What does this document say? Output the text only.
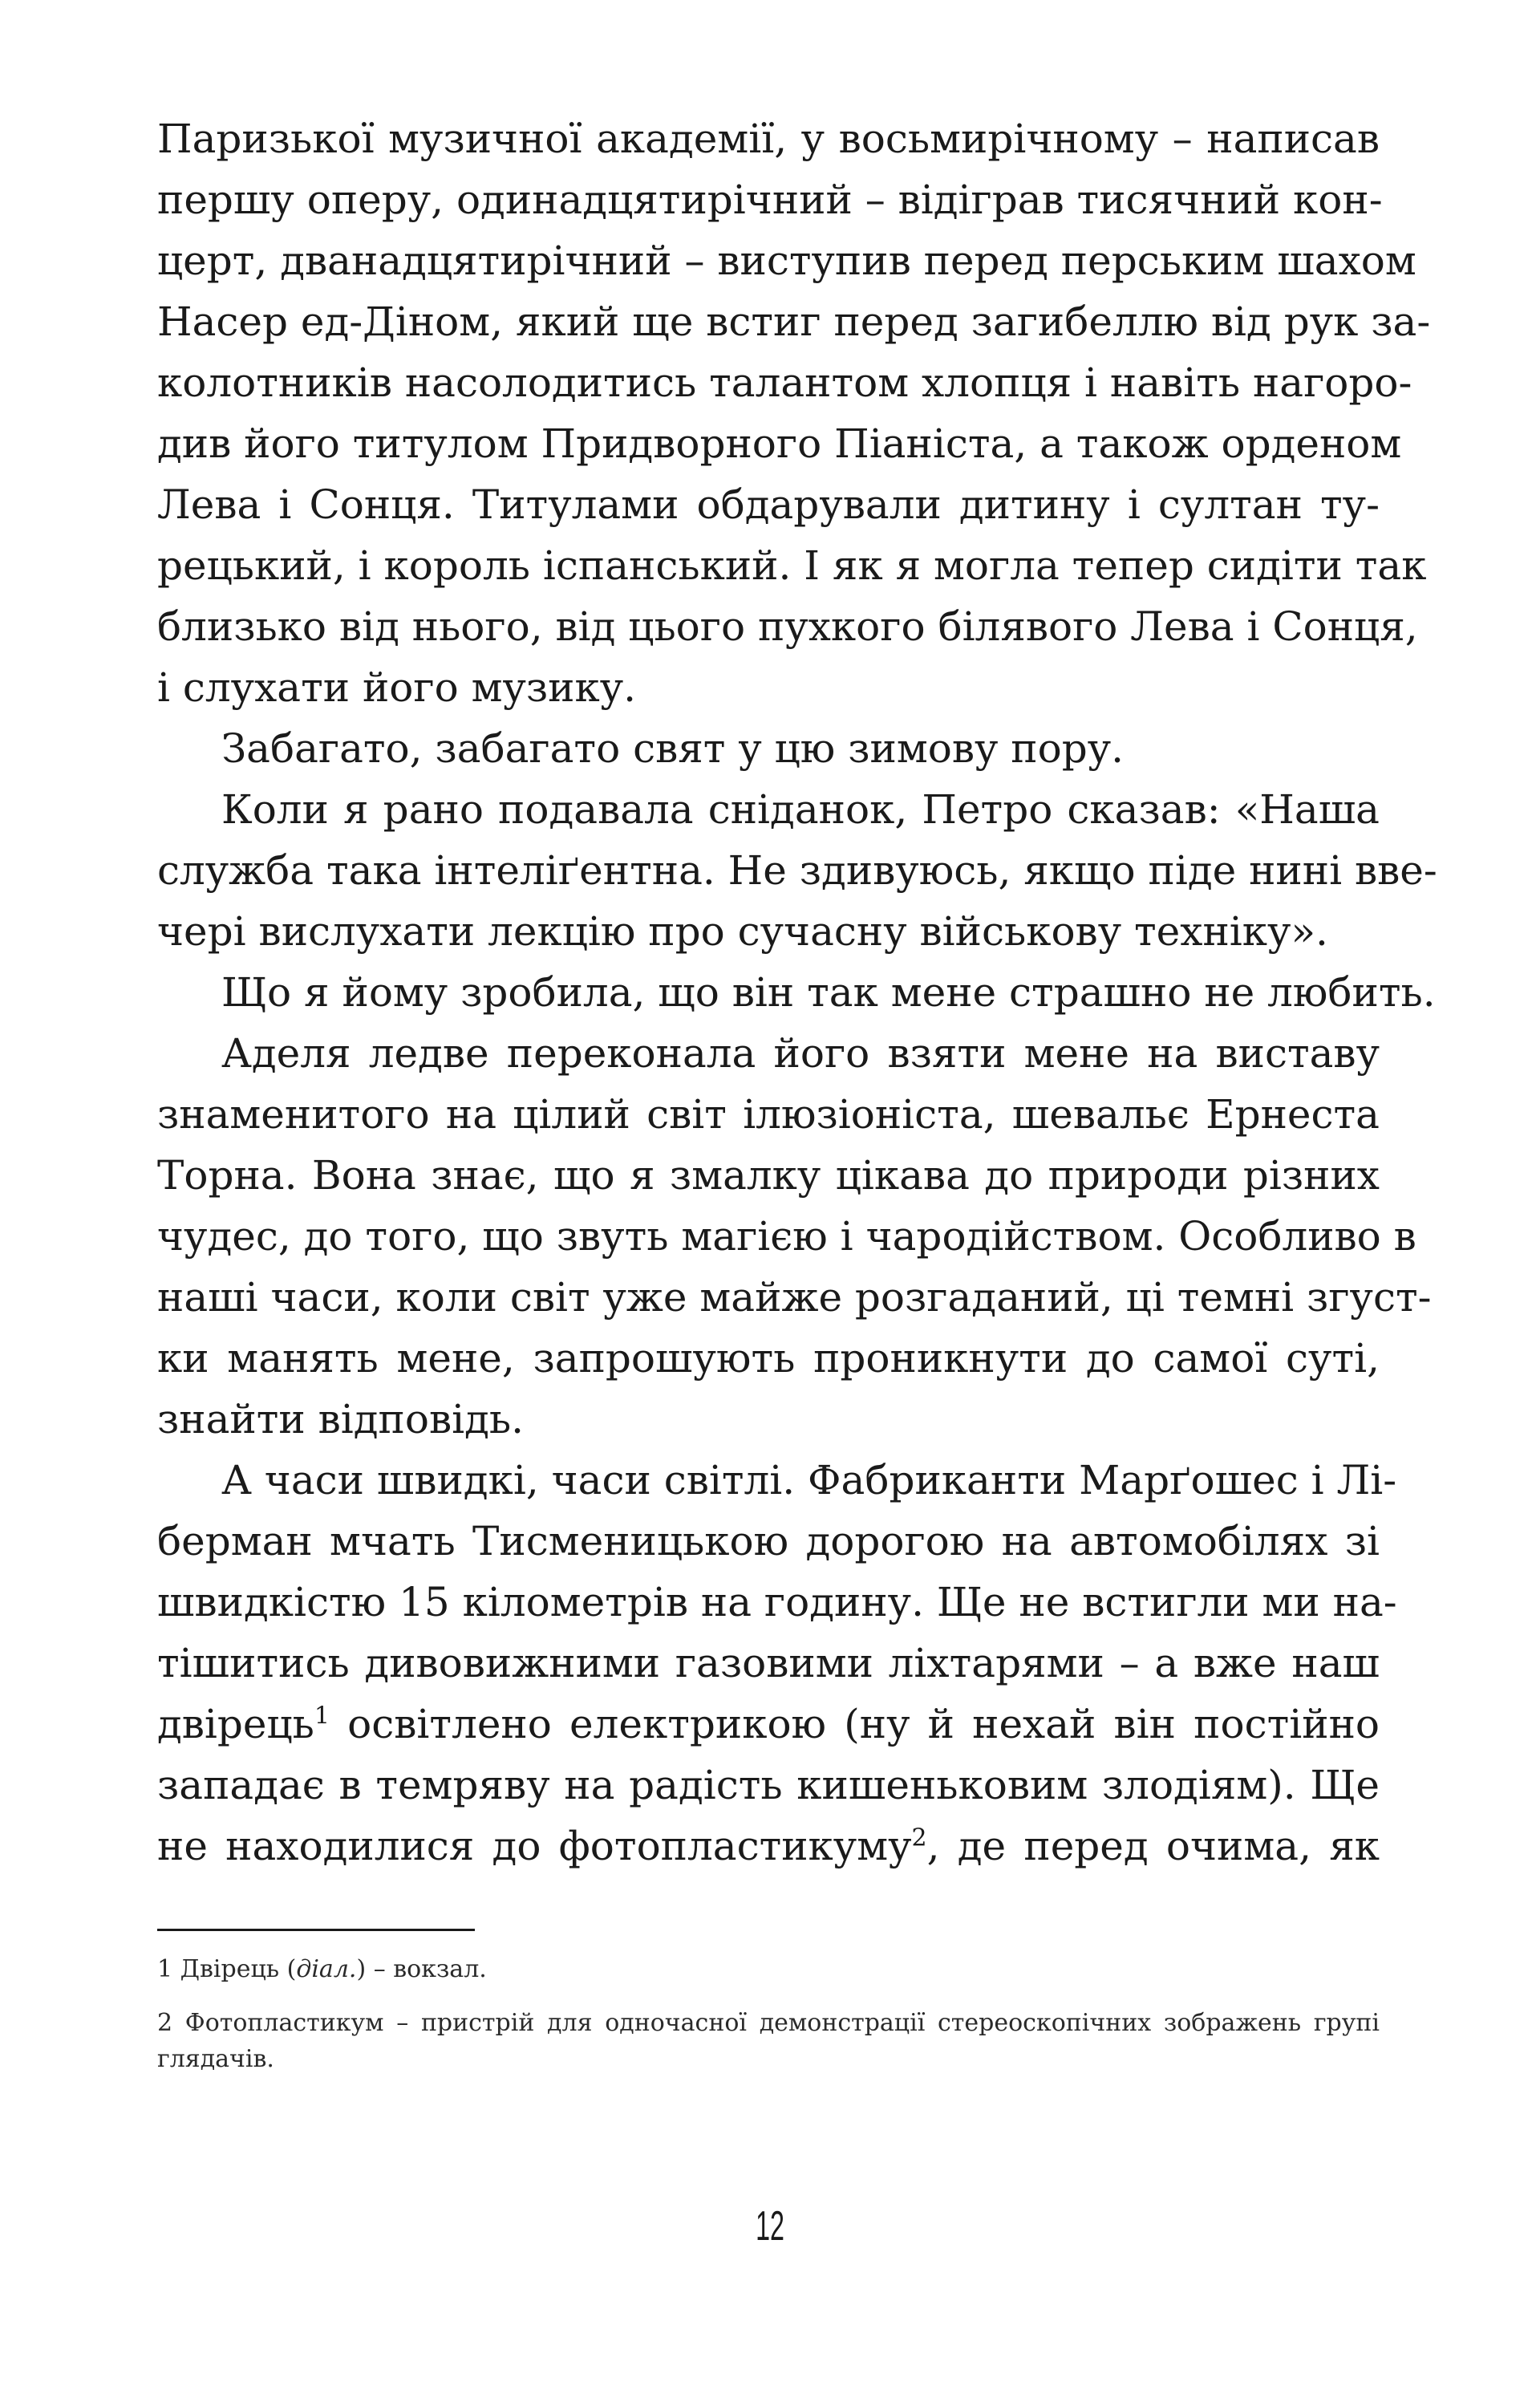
Паризької музичної академії, у восьмирічному – написав
першу оперу, одинадцятирічний – відіграв тисячний кон-
церт, дванадцятирічний – виступив перед перським шахом
Насер ед-Діном, який ще встиг перед загибеллю від рук за-
колотників насолодитись талантом хлопця і навіть нагоро-
див його титулом Придворного Піаніста, а також орденом
Лева і Сонця. Титулами обдарували дитину і султан ту-
рецький, і король іспанський. І як я могла тепер сидіти так
близько від нього, від цього пухкого білявого Лева і Сонця,
і слухати його музику.
Забагато, забагато свят у цю зимову пору.
Коли я рано подавала сніданок, Петро сказав: «Наша
служба така інтеліґентна. Не здивуюсь, якщо піде нині вве-
чері вислухати лекцію про сучасну військову техніку».
Що я йому зробила, що він так мене страшно не любить.
Аделя ледве переконала його взяти мене на виставу
знаменитого на цілий світ ілюзіоніста, шевальє Ернеста
Торна. Вона знає, що я змалку цікава до природи різних
чудес, до того, що звуть магією і чародійством. Особливо в
наші часи, коли світ уже майже розгаданий, ці темні згуст-
ки манять мене, запрошують проникнути до самої суті,
знайти відповідь.
А часи швидкі, часи світлі. Фабриканти Марґошес і Лі-
берман мчать Тисменицькою дорогою на автомобілях зі
швидкістю 15 кілометрів на годину. Ще не встигли ми на-
тішитись дивовижними газовими ліхтарями – а вже наш
двірець$^1$ освітлено електрикою (ну й нехай він постійно
западає в темряву на радість кишеньковим злодіям). Ще
не находилися до фотопластикуму$^2$, де перед очима, як
1 Двірець (діал.) – вокзал.
2 Фотопластикум – пристрій для одночасної демонстрації стереоскопічних зображень групі
глядачів.
12
